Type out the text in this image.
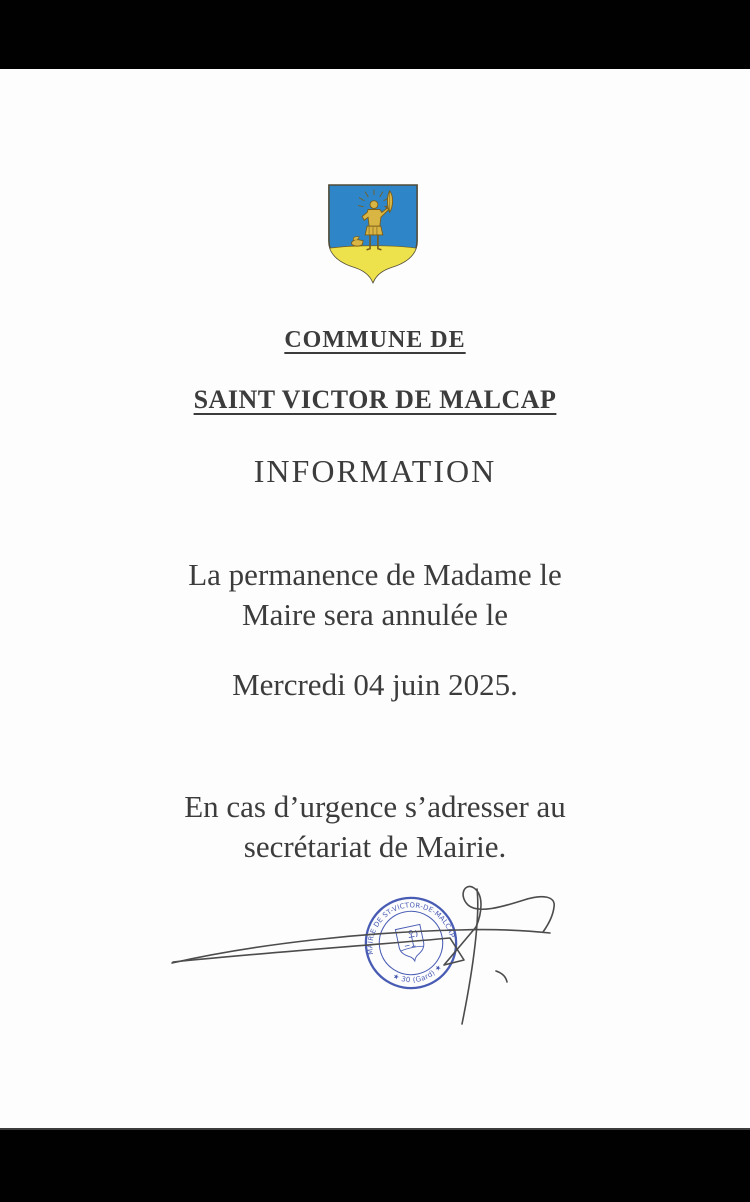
COMMUNE DE
SAINT VICTOR DE MALCAP
INFORMATION
La permanence de Madame le
Maire sera annulée le
Mercredi 04 juin 2025.
En cas d’urgence s’adresser au
secrétariat de Mairie.
MAIRIE DE ST-VICTOR-DE-MALCAP
★ 30 (Gard) ★
